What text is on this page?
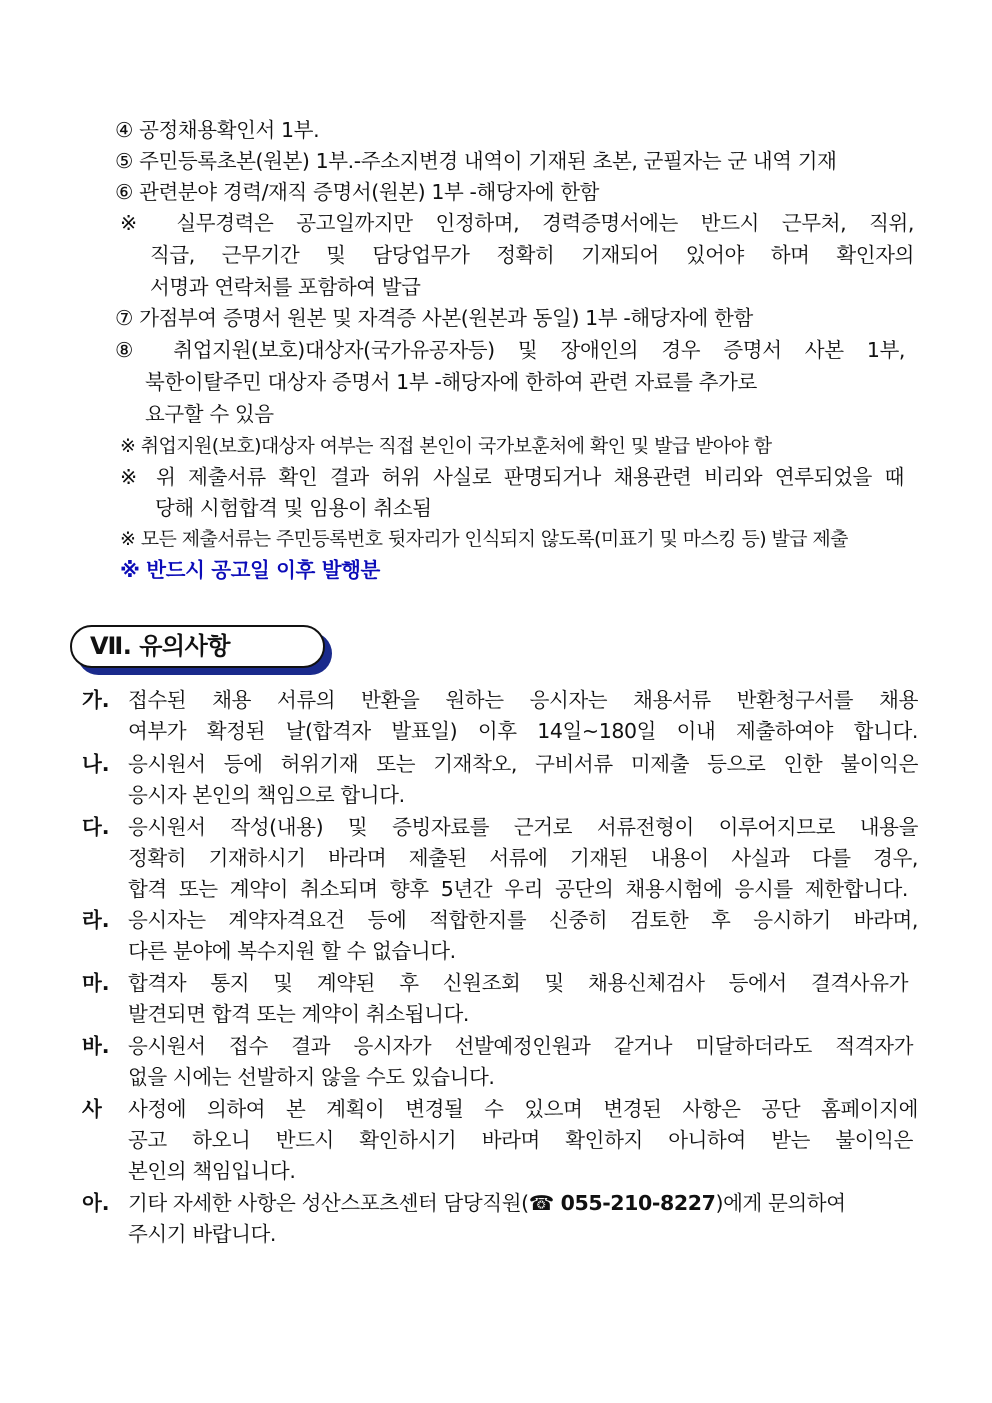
④ 공정채용확인서 1부.
⑤ 주민등록초본(원본) 1부.-주소지변경 내역이 기재된 초본, 군필자는 군 내역 기재
⑥ 관련분야 경력/재직 증명서(원본) 1부 -해당자에 한함
※ 실무경력은 공고일까지만 인정하며, 경력증명서에는 반드시 근무처, 직위,
직급, 근무기간 및 담당업무가 정확히 기재되어 있어야 하며 확인자의
서명과 연락처를 포함하여 발급
⑦ 가점부여 증명서 원본 및 자격증 사본(원본과 동일) 1부 -해당자에 한함
⑧ 취업지원(보호)대상자(국가유공자등) 및 장애인의 경우 증명서 사본 1부,
북한이탈주민 대상자 증명서 1부 -해당자에 한하여 관련 자료를 추가로
요구할 수 있음
※ 취업지원(보호)대상자 여부는 직접 본인이 국가보훈처에 확인 및 발급 받아야 함
※ 위 제출서류 확인 결과 허위 사실로 판명되거나 채용관련 비리와 연루되었을 때
당해 시험합격 및 임용이 취소됨
※ 모든 제출서류는 주민등록번호 뒷자리가 인식되지 않도록(미표기 및 마스킹 등) 발급 제출
※ 반드시 공고일 이후 발행분
Ⅶ. 유의사항
가. 접수된 채용 서류의 반환을 원하는 응시자는 채용서류 반환청구서를 채용
여부가 확정된 날(합격자 발표일) 이후 14일~180일 이내 제출하여야 합니다.
나. 응시원서 등에 허위기재 또는 기재착오, 구비서류 미제출 등으로 인한 불이익은
응시자 본인의 책임으로 합니다.
다. 응시원서 작성(내용) 및 증빙자료를 근거로 서류전형이 이루어지므로 내용을
정확히 기재하시기 바라며 제출된 서류에 기재된 내용이 사실과 다를 경우,
합격 또는 계약이 취소되며 향후 5년간 우리 공단의 채용시험에 응시를 제한합니다.
라. 응시자는 계약자격요건 등에 적합한지를 신중히 검토한 후 응시하기 바라며,
다른 분야에 복수지원 할 수 없습니다.
마. 합격자 통지 및 계약된 후 신원조회 및 채용신체검사 등에서 결격사유가
발견되면 합격 또는 계약이 취소됩니다.
바. 응시원서 접수 결과 응시자가 선발예정인원과 같거나 미달하더라도 적격자가
없을 시에는 선발하지 않을 수도 있습니다.
사 사정에 의하여 본 계획이 변경될 수 있으며 변경된 사항은 공단 홈페이지에
공고 하오니 반드시 확인하시기 바라며 확인하지 아니하여 받는 불이익은
본인의 책임입니다.
아. 기타 자세한 사항은 성산스포츠센터 담당직원(☎ 055-210-8227)에게 문의하여
주시기 바랍니다.
